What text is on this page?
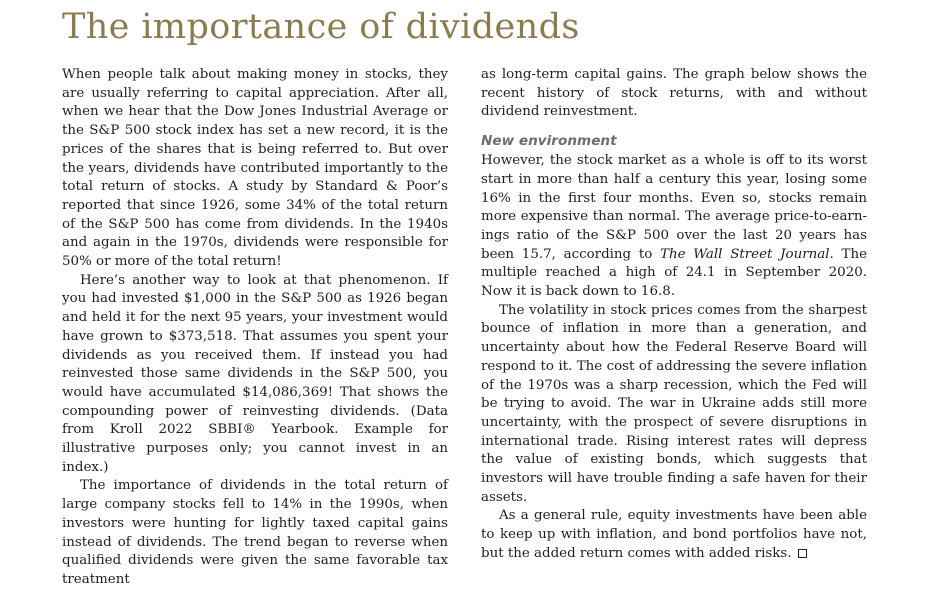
The importance of dividends

When people talk about making money in stocks, they are usually referring to capital appreciation. After all, when we hear that the Dow Jones Industrial Average or the S&P 500 stock index has set a new record, it is the prices of the shares that is being referred to. But over the years, dividends have contributed importantly to the total return of stocks. A study by Standard & Poor’s reported that since 1926, some 34% of the total return of the S&P 500 has come from dividends. In the 1940s and again in the 1970s, dividends were responsible for 50% or more of the total return!

Here’s another way to look at that phenomenon. If you had invested $1,000 in the S&P 500 as 1926 began and held it for the next 95 years, your investment would have grown to $373,518. That assumes you spent your dividends as you received them. If instead you had reinvested those same dividends in the S&P 500, you would have accumulated $14,086,369! That shows the compounding power of reinvesting dividends. (Data from Kroll 2022 SBBI® Yearbook. Example for illustrative purposes only; you cannot invest in an index.)

The importance of dividends in the total return of large company stocks fell to 14% in the 1990s, when investors were hunting for lightly taxed capital gains instead of dividends. The trend began to reverse when qualified dividends were given the same favorable tax treatment

as long-term capital gains. The graph below shows the recent history of stock returns, with and without dividend reinvestment.

New environment

However, the stock market as a whole is off to its worst start in more than half a century this year, losing some 16% in the first four months. Even so, stocks remain more expensive than normal. The average price-to-earnings ratio of the S&P 500 over the last 20 years has been 15.7, according to The Wall Street Journal. The multiple reached a high of 24.1 in September 2020. Now it is back down to 16.8.

The volatility in stock prices comes from the sharpest bounce of inflation in more than a generation, and uncertainty about how the Federal Reserve Board will respond to it. The cost of addressing the severe inflation of the 1970s was a sharp recession, which the Fed will be trying to avoid. The war in Ukraine adds still more uncertainty, with the prospect of severe disruptions in international trade. Rising interest rates will depress the value of existing bonds, which suggests that investors will have trouble finding a safe haven for their assets.

As a general rule, equity investments have been able to keep up with inflation, and bond portfolios have not, but the added return comes with added risks.
